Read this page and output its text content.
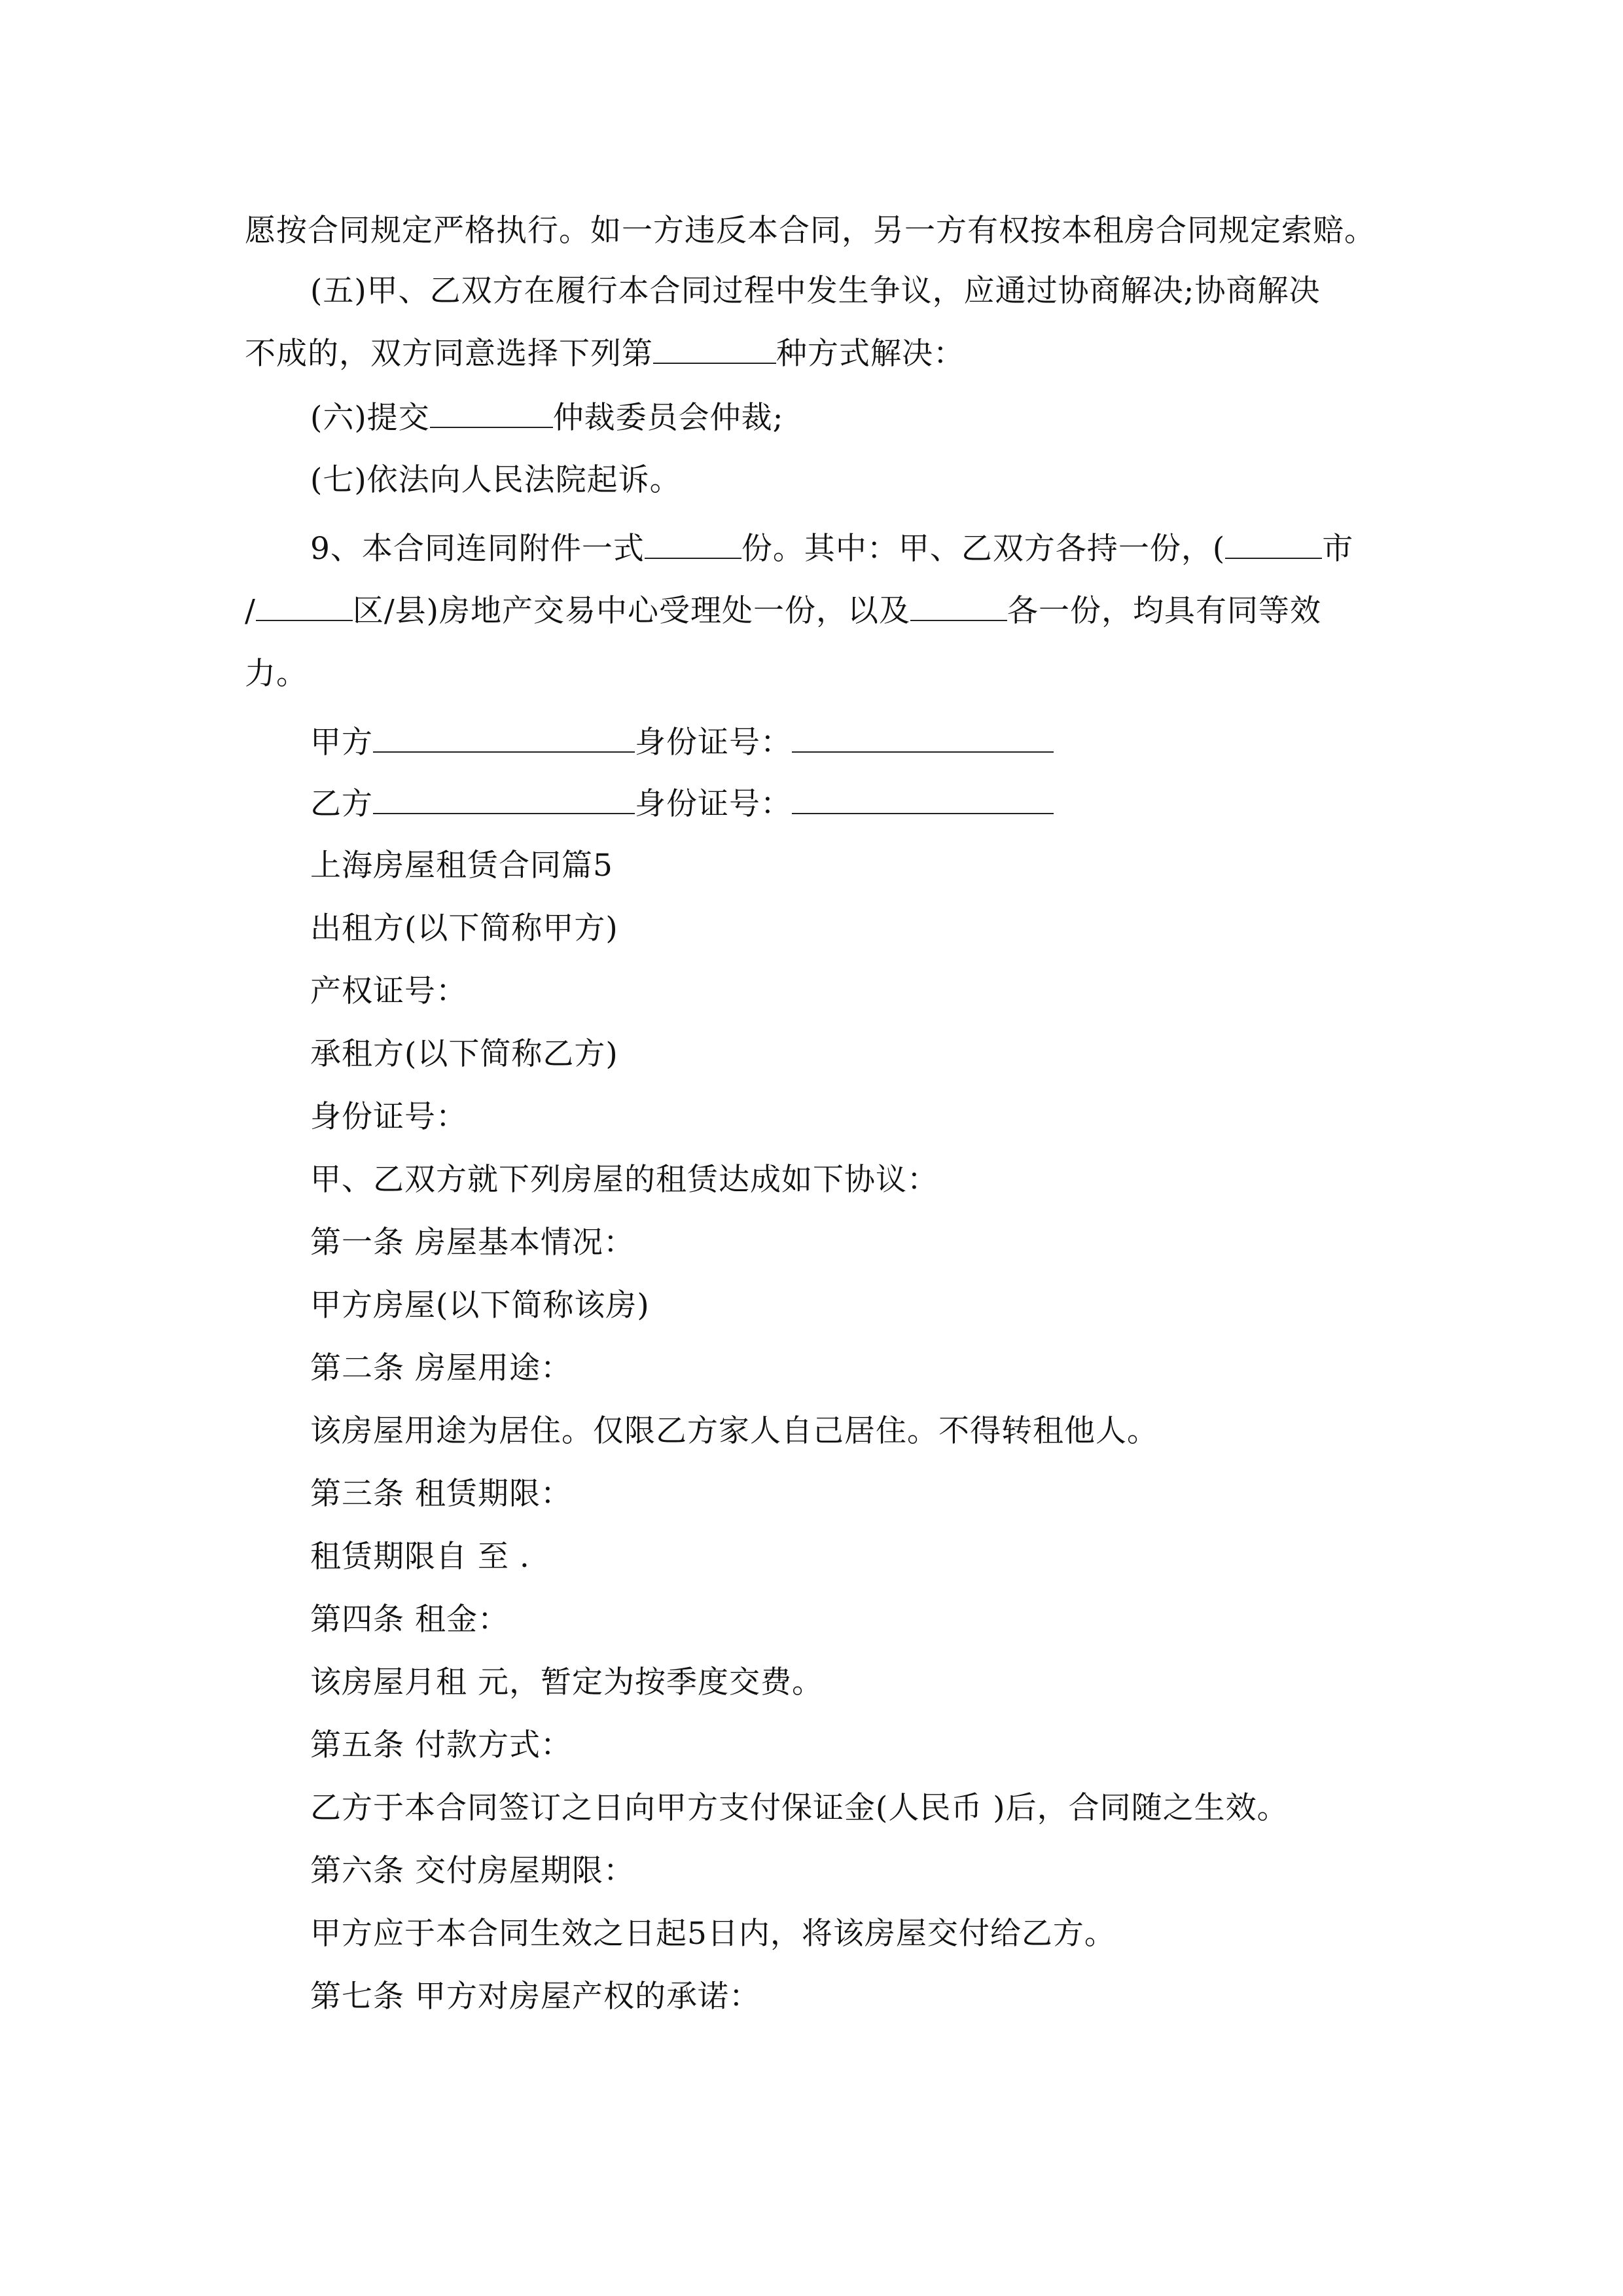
愿按合同规定严格执行。如一方违反本合同，另一方有权按本租房合同规定索赔。
(五)甲、乙双方在履行本合同过程中发生争议，应通过协商解决;协商解决
不成的，双方同意选择下列第	种方式解决：
(六)提交	仲裁委员会仲裁;
(七)依法向人民法院起诉。
9、本合同连同附件一式	份。其中：甲、乙双方各持一份，(	市
/	区/县)房地产交易中心受理处一份，以及	各一份，均具有同等效
力。
甲方	身份证号：
乙方	身份证号：
上海房屋租赁合同篇5
出租方(以下简称甲方)
产权证号：
承租方(以下简称乙方)
身份证号：
甲、乙双方就下列房屋的租赁达成如下协议：
第一条 房屋基本情况：
甲方房屋(以下简称该房)
第二条 房屋用途：
该房屋用途为居住。仅限乙方家人自己居住。不得转租他人。
第三条 租赁期限：
租赁期限自 至 .
第四条 租金：
该房屋月租 元，暂定为按季度交费。
第五条 付款方式：
乙方于本合同签订之日向甲方支付保证金(人民币 )后，合同随之生效。
第六条 交付房屋期限：
甲方应于本合同生效之日起5日内，将该房屋交付给乙方。
第七条 甲方对房屋产权的承诺：
